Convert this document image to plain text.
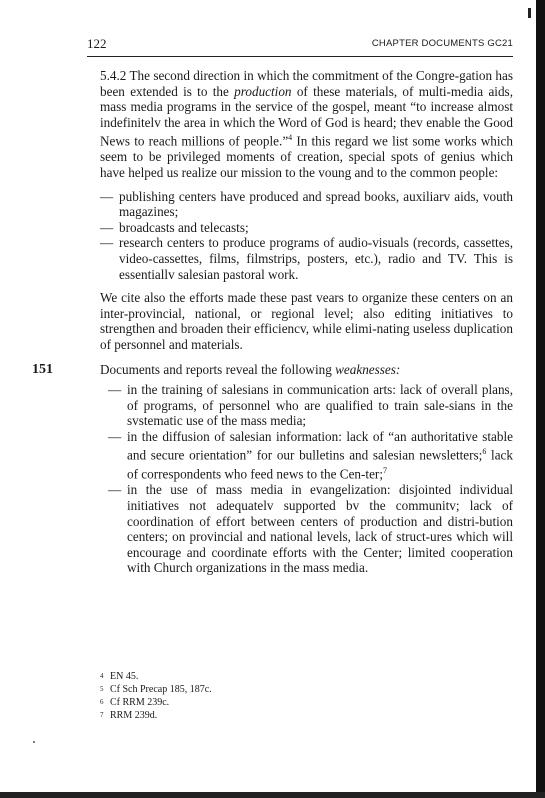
122	CHAPTER DOCUMENTS GC21

5.4.2 The second direction in which the commitment of the Congre-gation has been extended is to the production of these materials, of multi-media aids, mass media programs in the service of the gospel, meant “to increase almost indefinitelv the area in which the Word of God is heard; thev enable the Good News to reach millions of people.”$^4$ In this regard we list some works which seem to be privileged moments of creation, special spots of genius which have helped us realize our mission to the voung and to the common people:

— publishing centers have produced and spread books, auxiliarv aids, vouth magazines;
— broadcasts and telecasts;
— research centers to produce programs of audio-visuals (records, cassettes, video-cassettes, films, filmstrips, posters, etc.), radio and TV. This is essentiallv salesian pastoral work.

We cite also the efforts made these past vears to organize these centers on an inter-provincial, national, or regional level; also editing initiatives to strengthen and broaden their efficiencv, while elimi-nating useless duplication of personnel and materials.

151	Documents and reports reveal the following weaknesses:

— in the training of salesians in communication arts: lack of overall plans, of programs, of personnel who are qualified to train sale-sians in the svstematic use of the mass media;
— in the diffusion of salesian information: lack of “an authoritative stable and secure orientation” for our bulletins and salesian newsletters;$^6$ lack of correspondents who feed news to the Cen-ter;$^7$
— in the use of mass media in evangelization: disjointed individual initiatives not adequatelv supported bv the communitv; lack of coordination of effort between centers of production and distri-bution centers; on provincial and national levels, lack of struct-ures which will encourage and coordinate efforts with the Center; limited cooperation with Church organizations in the mass media.
4 EN 45.
5 Cf Sch Precap 185, 187c.
6 Cf RRM 239c.
7 RRM 239d.
